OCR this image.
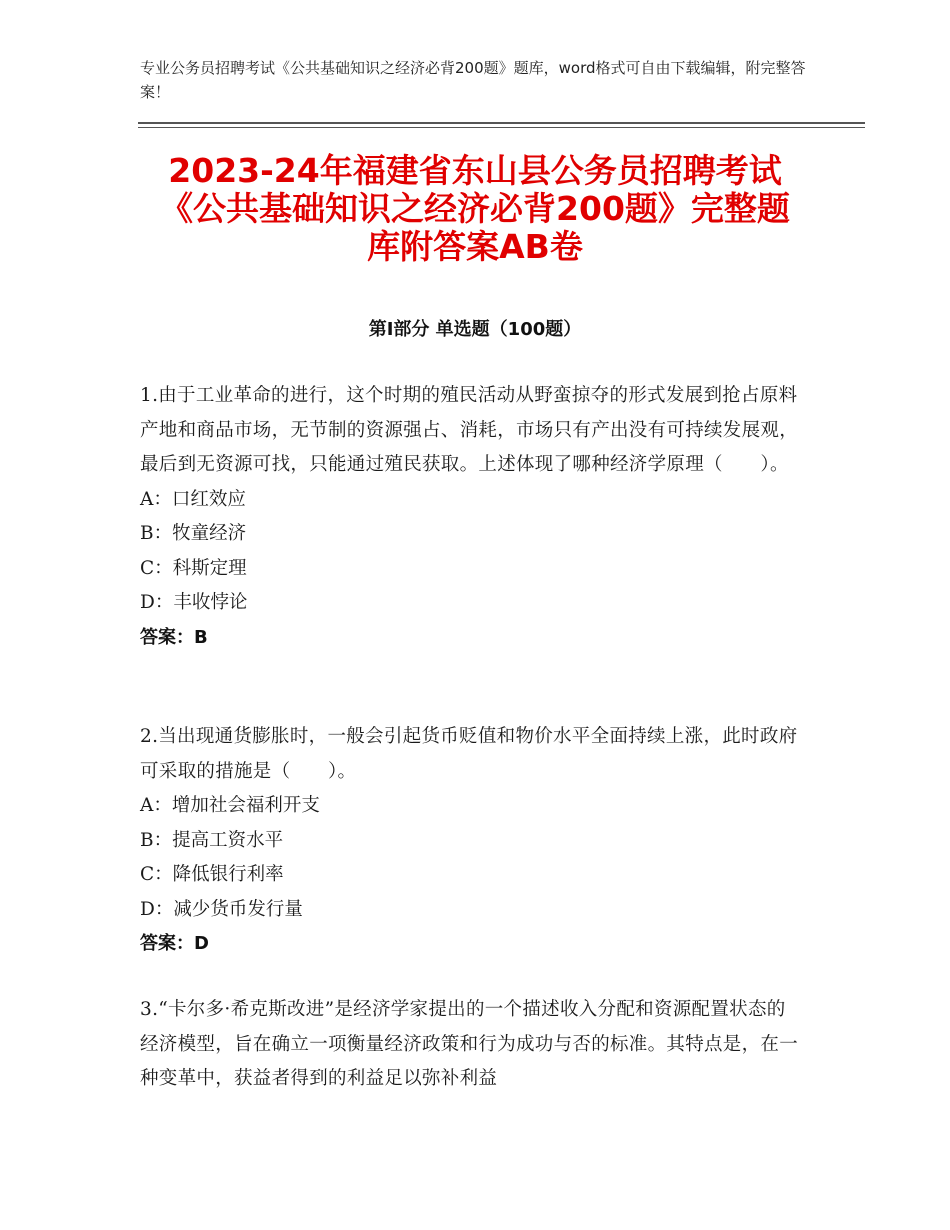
专业公务员招聘考试《公共基础知识之经济必背200题》题库，word格式可自由下载编辑，附完整答案！
2023-24年福建省东山县公务员招聘考试
《公共基础知识之经济必背200题》完整题
库附答案AB卷
第Ⅰ部分 单选题（100题）
1.由于工业革命的进行，这个时期的殖民活动从野蛮掠夺的形式发展到抢占原料产地和商品市场，无节制的资源强占、消耗，市场只有产出没有可持续发展观，最后到无资源可找，只能通过殖民获取。上述体现了哪种经济学原理（　　）。
A：口红效应
B：牧童经济
C：科斯定理
D：丰收悖论
答案：B
2.当出现通货膨胀时，一般会引起货币贬值和物价水平全面持续上涨，此时政府可采取的措施是（　　）。
A：增加社会福利开支
B：提高工资水平
C：降低银行利率
D：减少货币发行量
答案：D
3.“卡尔多·希克斯改进”是经济学家提出的一个描述收入分配和资源配置状态的经济模型，旨在确立一项衡量经济政策和行为成功与否的标准。其特点是，在一种变革中，获益者得到的利益足以弥补利益
